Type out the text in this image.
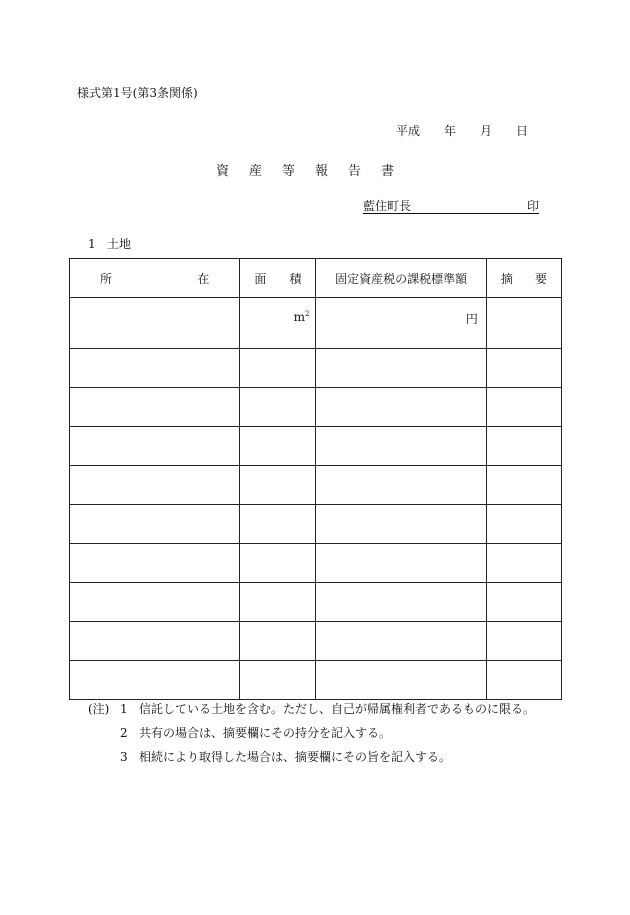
様式第1号(第3条関係)
平成 年 月 日
資 産 等 報 告 書
藍住町長	印
1 土地
所 在	面 積	固定資産税の課税標準額	摘 要

	$m^2$	円	

(注) 1 信託している土地を含む。ただし、自己が帰属権利者であるものに限る。
2 共有の場合は、摘要欄にその持分を記入する。
3 相続により取得した場合は、摘要欄にその旨を記入する。
